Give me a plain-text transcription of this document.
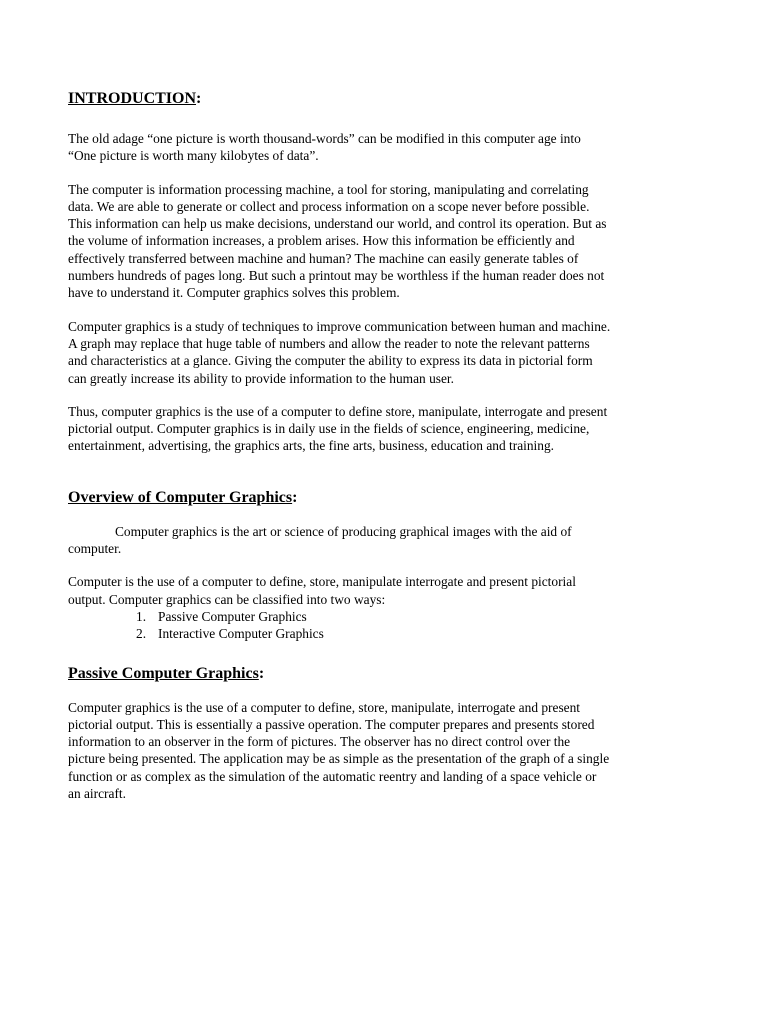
INTRODUCTION:

The old adage “one picture is worth thousand-words” can be modified in this computer age into
“One picture is worth many kilobytes of data”.

The computer is information processing machine, a tool for storing, manipulating and correlating
data. We are able to generate or collect and process information on a scope never before possible.
This information can help us make decisions, understand our world, and control its operation. But as
the volume of information increases, a problem arises. How this information be efficiently and
effectively transferred between machine and human? The machine can easily generate tables of
numbers hundreds of pages long. But such a printout may be worthless if the human reader does not
have to understand it. Computer graphics solves this problem.

Computer graphics is a study of techniques to improve communication between human and machine.
A graph may replace that huge table of numbers and allow the reader to note the relevant patterns
and characteristics at a glance. Giving the computer the ability to express its data in pictorial form
can greatly increase its ability to provide information to the human user.

Thus, computer graphics is the use of a computer to define store, manipulate, interrogate and present
pictorial output. Computer graphics is in daily use in the fields of science, engineering, medicine,
entertainment, advertising, the graphics arts, the fine arts, business, education and training.

Overview of Computer Graphics:

Computer graphics is the art or science of producing graphical images with the aid of
computer.

Computer is the use of a computer to define, store, manipulate interrogate and present pictorial
output. Computer graphics can be classified into two ways:

1. Passive Computer Graphics
2. Interactive Computer Graphics
Passive Computer Graphics:

Computer graphics is the use of a computer to define, store, manipulate, interrogate and present
pictorial output. This is essentially a passive operation. The computer prepares and presents stored
information to an observer in the form of pictures. The observer has no direct control over the
picture being presented. The application may be as simple as the presentation of the graph of a single
function or as complex as the simulation of the automatic reentry and landing of a space vehicle or
an aircraft.
